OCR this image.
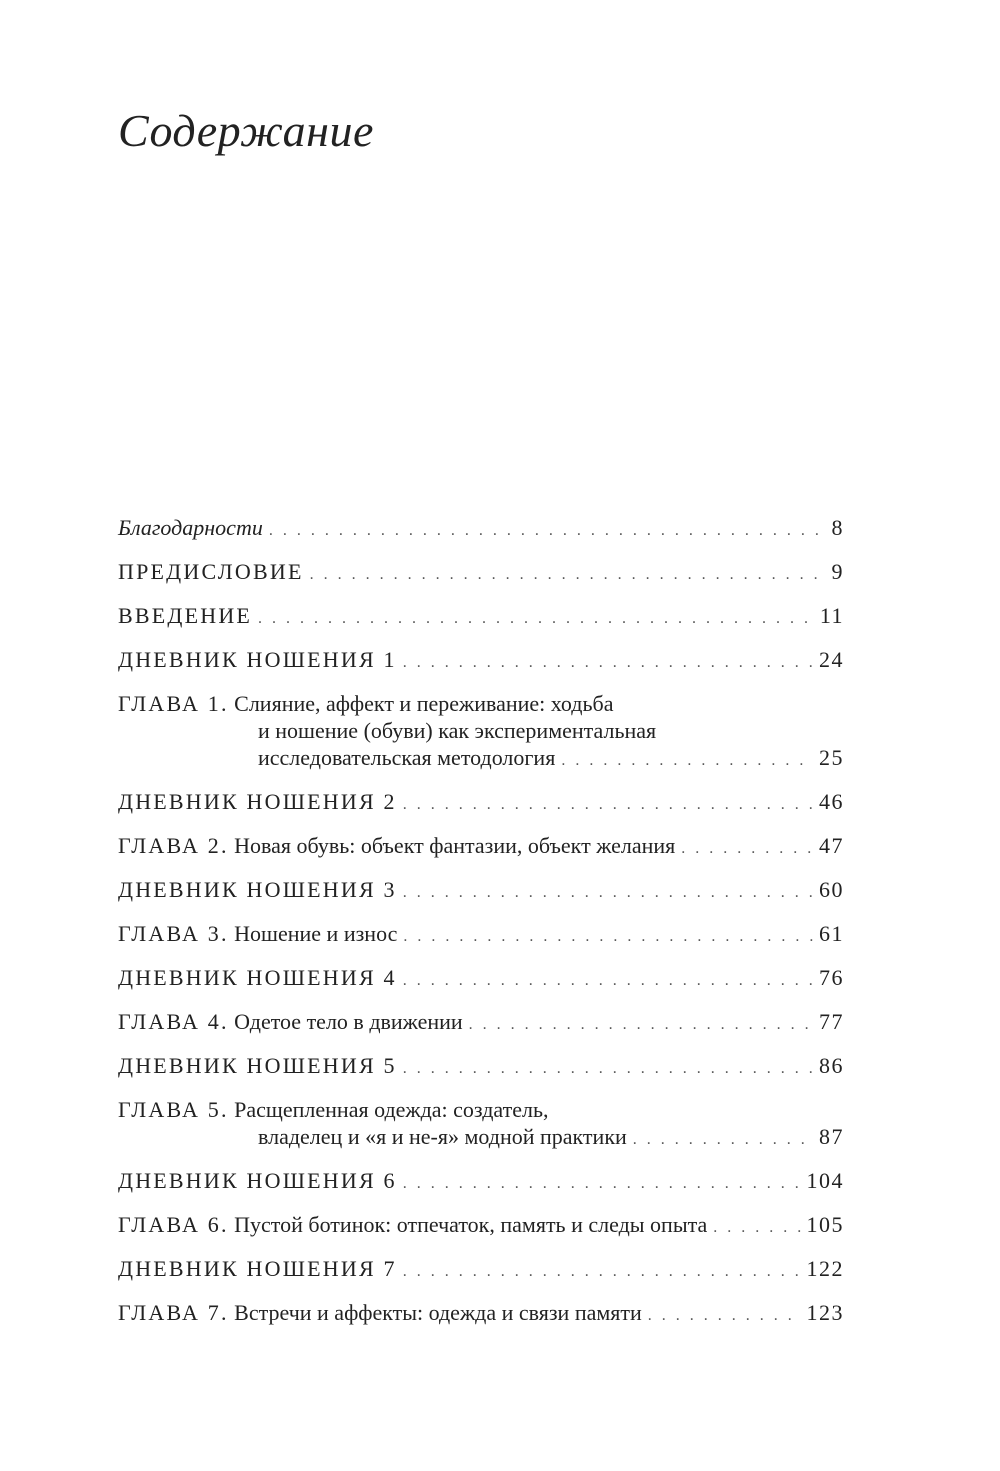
Содержание
Благодарности . . .	8
ПРЕДИСЛОВИЕ . . .	9
ВВЕДЕНИЕ . . .	11
ДНЕВНИК НОШЕНИЯ 1 . . .	24
ГЛАВА 1.
Слияние, аффект и переживание: ходьба
и ношение (обуви) как экспериментальная
исследовательская методология . . .	25
ДНЕВНИК НОШЕНИЯ 2 . . .	46
ГЛАВА 2. Новая обувь: объект фантазии, объект желания . . .	47
ДНЕВНИК НОШЕНИЯ 3 . . .	60
ГЛАВА 3. Ношение и износ . . .	61
ДНЕВНИК НОШЕНИЯ 4 . . .	76
ГЛАВА 4. Одетое тело в движении . . .	77
ДНЕВНИК НОШЕНИЯ 5 . . .	86
ГЛАВА 5.
Расщепленная одежда: создатель,
владелец и «я и не-я» модной практики . . .	87
ДНЕВНИК НОШЕНИЯ 6 . . .	104
ГЛАВА 6. Пустой ботинок: отпечаток, память и следы опыта . . .	105
ДНЕВНИК НОШЕНИЯ 7 . . .	122
ГЛАВА 7. Встречи и аффекты: одежда и связи памяти . . .	123
